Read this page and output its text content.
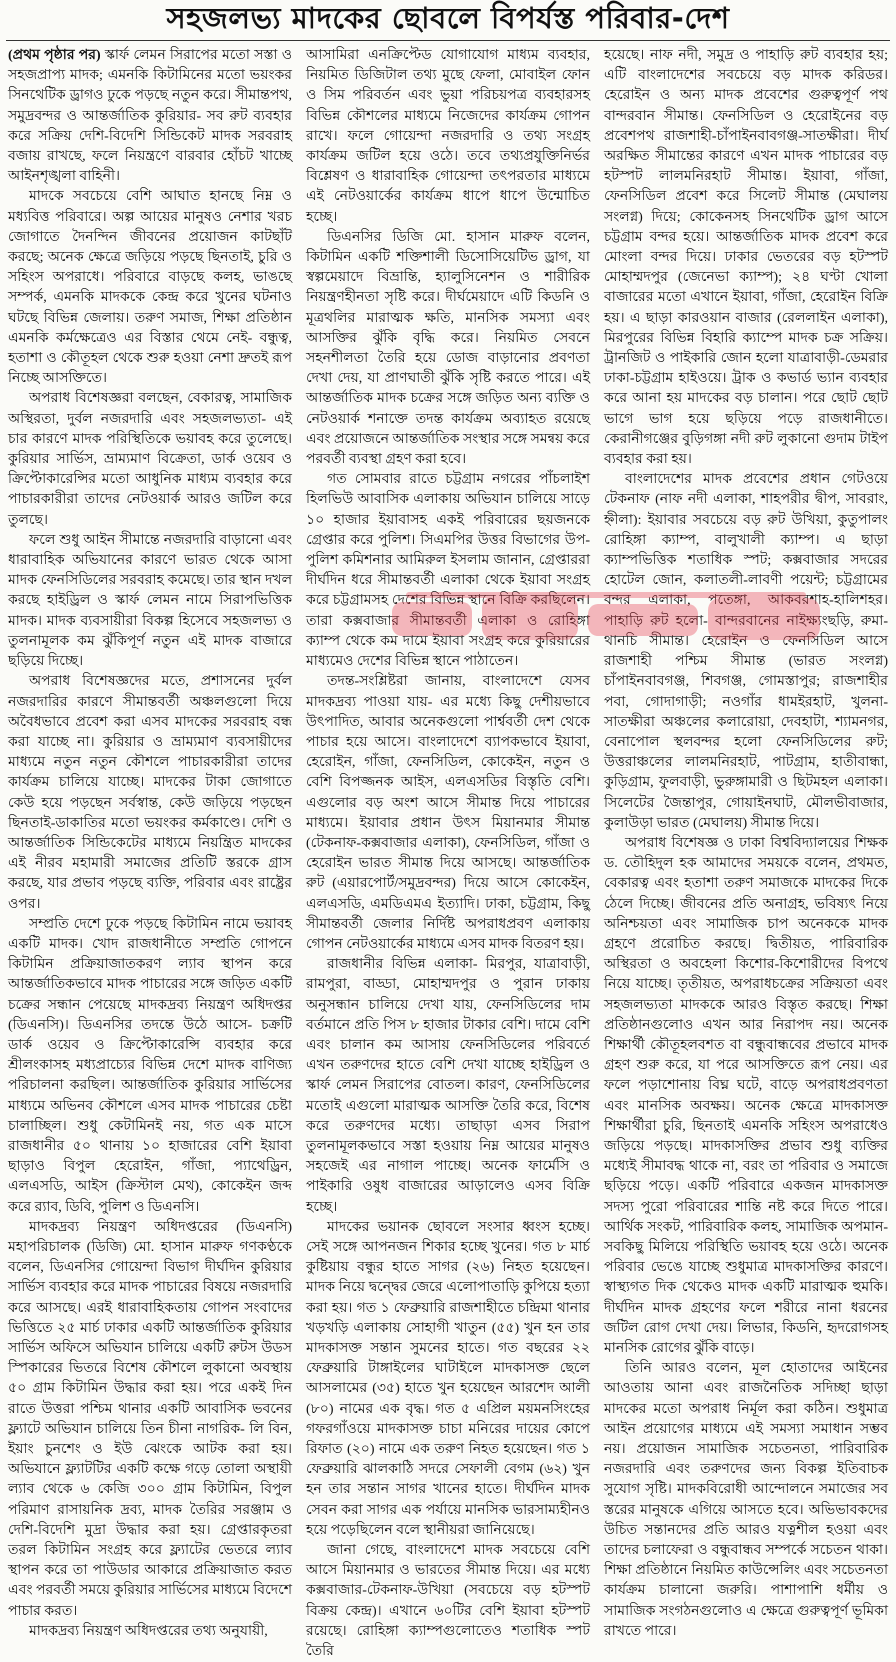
সহজলভ্য মাদকের ছোবলে বিপর্যস্ত পরিবার-দেশ

(প্রথম পৃষ্ঠার পর) স্কার্ফ লেমন সিরাপের মতো সস্তা ও সহজপ্রাপ্য মাদক; এমনকি কিটামিনের মতো ভয়ংকর সিনথেটিক ড্রাগও ঢুকে পড়ছে নতুন করে। সীমান্তপথ, সমুদ্রবন্দর ও আন্তর্জাতিক কুরিয়ার- সব রুট ব্যবহার করে সক্রিয় দেশি-বিদেশি সিন্ডিকেট মাদক সরবরাহ বজায় রাখছে, ফলে নিয়ন্ত্রণে বারবার হোঁচট খাচ্ছে আইনশৃঙ্খলা বাহিনী।

মাদকে সবচেয়ে বেশি আঘাত হানছে নিম্ন ও মধ্যবিত্ত পরিবারে। অল্প আয়ের মানুষও নেশার খরচ জোগাতে দৈনন্দিন জীবনের প্রয়োজন কাটছাঁট করছে; অনেক ক্ষেত্রে জড়িয়ে পড়ছে ছিনতাই, চুরি ও সহিংস অপরাধে। পরিবারে বাড়ছে কলহ, ভাঙছে সম্পর্ক, এমনকি মাদককে কেন্দ্র করে খুনের ঘটনাও ঘটছে বিভিন্ন জেলায়। তরুণ সমাজ, শিক্ষা প্রতিষ্ঠান এমনকি কর্মক্ষেত্রেও এর বিস্তার থেমে নেই- বন্ধুত্ব, হতাশা ও কৌতূহল থেকে শুরু হওয়া নেশা দ্রুতই রূপ নিচ্ছে আসক্তিতে।

অপরাধ বিশেষজ্ঞরা বলছেন, বেকারত্ব, সামাজিক অস্থিরতা, দুর্বল নজরদারি এবং সহজলভ্যতা- এই চার কারণে মাদক পরিস্থিতিকে ভয়াবহ করে তুলেছে। কুরিয়ার সার্ভিস, ভ্রাম্যমাণ বিক্রেতা, ডার্ক ওয়েব ও ক্রিপ্টোকারেন্সির মতো আধুনিক মাধ্যম ব্যবহার করে পাচারকারীরা তাদের নেটওয়ার্ক আরও জটিল করে তুলছে।

ফলে শুধু আইন সীমান্তে নজরদারি বাড়ানো এবং ধারাবাহিক অভিযানের কারণে ভারত থেকে আসা মাদক ফেনসিডিলের সরবরাহ কমেছে। তার স্থান দখল করছে হাইড্রিল ও স্কার্ফ লেমন নামে সিরাপভিত্তিক মাদক। মাদক ব্যবসায়ীরা বিকল্প হিসেবে সহজলভ্য ও তুলনামূলক কম ঝুঁকিপূর্ণ নতুন এই মাদক বাজারে ছড়িয়ে দিচ্ছে।

অপরাধ বিশেষজ্ঞদের মতে, প্রশাসনের দুর্বল নজরদারির কারণে সীমান্তবর্তী অঞ্চলগুলো দিয়ে অবৈধভাবে প্রবেশ করা এসব মাদকের সরবরাহ বন্ধ করা যাচ্ছে না। কুরিয়ার ও ভ্রাম্যমাণ ব্যবসায়ীদের মাধ্যমে নতুন নতুন কৌশলে পাচারকারীরা তাদের কার্যক্রম চালিয়ে যাচ্ছে। মাদকের টাকা জোগাতে কেউ হয়ে পড়ছেন সর্বস্বান্ত, কেউ জড়িয়ে পড়ছেন ছিনতাই-ডাকাতির মতো ভয়ংকর কর্মকাণ্ডে। দেশি ও আন্তর্জাতিক সিন্ডিকেটের মাধ্যমে নিয়ন্ত্রিত মাদকের এই নীরব মহামারী সমাজের প্রতিটি স্তরকে গ্রাস করছে, যার প্রভাব পড়ছে ব্যক্তি, পরিবার এবং রাষ্ট্রের ওপর।

সম্প্রতি দেশে ঢুকে পড়ছে কিটামিন নামে ভয়াবহ একটি মাদক। খোদ রাজধানীতে সম্প্রতি গোপনে কিটামিন প্রক্রিয়াজাতকরণ ল্যাব স্থাপন করে আন্তর্জাতিকভাবে মাদক পাচারের সঙ্গে জড়িত একটি চক্রের সন্ধান পেয়েছে মাদকদ্রব্য নিয়ন্ত্রণ অধিদপ্তর (ডিএনসি)। ডিএনসির তদন্তে উঠে আসে- চক্রটি ডার্ক ওয়েব ও ক্রিপ্টোকারেন্সি ব্যবহার করে শ্রীলংকাসহ মধ্যপ্রাচ্যের বিভিন্ন দেশে মাদক বাণিজ্য পরিচালনা করছিল। আন্তর্জাতিক কুরিয়ার সার্ভিসের মাধ্যমে অভিনব কৌশলে এসব মাদক পাচারের চেষ্টা চালাচ্ছিল। শুধু কেটামিনই নয়, গত এক মাসে রাজধানীর ৫০ থানায় ১০ হাজারের বেশি ইয়াবা ছাড়াও বিপুল হেরোইন, গাঁজা, প্যাথেড্রিন, এলএসডি, আইস (ক্রিস্টাল মেথ), কোকেইন জব্দ করে র‌্যাব, ডিবি, পুলিশ ও ডিএনসি।

মাদকদ্রব্য নিয়ন্ত্রণ অধিদপ্তরের (ডিএনসি) মহাপরিচালক (ডিজি) মো. হাসান মারুফ গণকণ্ঠকে বলেন, ডিএনসির গোয়েন্দা বিভাগ দীর্ঘদিন কুরিয়ার সার্ভিস ব্যবহার করে মাদক পাচারের বিষয়ে নজরদারি করে আসছে। এরই ধারাবাহিকতায় গোপন সংবাদের ভিত্তিতে ২৫ মার্চ ঢাকার একটি আন্তর্জাতিক কুরিয়ার সার্ভিস অফিসে অভিযান চালিয়ে একটি রুটস উডস স্পিকারের ভিতরে বিশেষ কৌশলে লুকানো অবস্থায় ৫০ গ্রাম কিটামিন উদ্ধার করা হয়। পরে একই দিন রাতে উত্তরা পশ্চিম থানার একটি আবাসিক ভবনের ফ্ল্যাটে অভিযান চালিয়ে তিন চীনা নাগরিক- লি বিন, ইয়াং চুনশেং ও ইউ ঝেংকে আটক করা হয়। অভিযানে ফ্ল্যাটটির একটি কক্ষে গড়ে তোলা অস্থায়ী ল্যাব থেকে ৬ কেজি ৩০০ গ্রাম কিটামিন, বিপুল পরিমাণ রাসায়নিক দ্রব্য, মাদক তৈরির সরঞ্জাম ও দেশি-বিদেশি মুদ্রা উদ্ধার করা হয়। গ্রেপ্তারকৃতরা তরল কিটামিন সংগ্রহ করে ফ্ল্যাটের ভেতরে ল্যাব স্থাপন করে তা পাউডার আকারে প্রক্রিয়াজাত করত এবং পরবর্তী সময়ে কুরিয়ার সার্ভিসের মাধ্যমে বিদেশে পাচার করত।

মাদকদ্রব্য নিয়ন্ত্রণ অধিদপ্তরের তথ্য অনুযায়ী,

আসামিরা এনক্রিপ্টেড যোগাযোগ মাধ্যম ব্যবহার, নিয়মিত ডিজিটাল তথ্য মুছে ফেলা, মোবাইল ফোন ও সিম পরিবর্তন এবং ভুয়া পরিচয়পত্র ব্যবহারসহ বিভিন্ন কৌশলের মাধ্যমে নিজেদের কার্যক্রম গোপন রাখে। ফলে গোয়েন্দা নজরদারি ও তথ্য সংগ্রহ কার্যক্রম জটিল হয়ে ওঠে। তবে তথ্যপ্রযুক্তিনির্ভর বিশ্লেষণ ও ধারাবাহিক গোয়েন্দা তৎপরতার মাধ্যমে এই নেটওয়ার্কের কার্যক্রম ধাপে ধাপে উন্মোচিত হচ্ছে।

ডিএনসির ডিজি মো. হাসান মারুফ বলেন, কিটামিন একটি শক্তিশালী ডিসোসিয়েটিভ ড্রাগ, যা স্বল্পমেয়াদে বিভ্রান্তি, হ্যালুসিনেশন ও শারীরিক নিয়ন্ত্রণহীনতা সৃষ্টি করে। দীর্ঘমেয়াদে এটি কিডনি ও মূত্রথলির মারাত্মক ক্ষতি, মানসিক সমস্যা এবং আসক্তির ঝুঁকি বৃদ্ধি করে। নিয়মিত সেবনে সহনশীলতা তৈরি হয়ে ডোজ বাড়ানোর প্রবণতা দেখা দেয়, যা প্রাণঘাতী ঝুঁকি সৃষ্টি করতে পারে। এই আন্তর্জাতিক মাদক চক্রের সঙ্গে জড়িত অন্য ব্যক্তি ও নেটওয়ার্ক শনাক্তে তদন্ত কার্যক্রম অব্যাহত রয়েছে এবং প্রয়োজনে আন্তর্জাতিক সংস্থার সঙ্গে সমন্বয় করে পরবর্তী ব্যবস্থা গ্রহণ করা হবে।

গত সোমবার রাতে চট্টগ্রাম নগরের পাঁচলাইশ হিলভিউ আবাসিক এলাকায় অভিযান চালিয়ে সাড়ে ১০ হাজার ইয়াবাসহ একই পরিবারের ছয়জনকে গ্রেপ্তার করে পুলিশ। সিএমপির উত্তর বিভাগের উপ-পুলিশ কমিশনার আমিরুল ইসলাম জানান, গ্রেপ্তাররা দীর্ঘদিন ধরে সীমান্তবর্তী এলাকা থেকে ইয়াবা সংগ্রহ করে চট্টগ্রামসহ দেশের বিভিন্ন স্থানে বিক্রি করছিলেন। তারা কক্সবাজার সীমান্তবর্তী এলাকা ও রোহিঙ্গা ক্যাম্প থেকে কম দামে ইয়াবা সংগ্রহ করে কুরিয়ারের মাধ্যমেও দেশের বিভিন্ন স্থানে পাঠাতেন।

তদন্ত-সংশ্লিষ্টরা জানায়, বাংলাদেশে যেসব মাদকদ্রব্য পাওয়া যায়- এর মধ্যে কিছু দেশীয়ভাবে উৎপাদিত, আবার অনেকগুলো পার্শ্ববর্তী দেশ থেকে পাচার হয়ে আসে। বাংলাদেশে ব্যাপকভাবে ইয়াবা, হেরোইন, গাঁজা, ফেনসিডিল, কোকেইন, নতুন ও বেশি বিপজ্জনক আইস, এলএসডির বিস্তৃতি বেশি। এগুলোর বড় অংশ আসে সীমান্ত দিয়ে পাচারের মাধ্যমে। ইয়াবার প্রধান উৎস মিয়ানমার সীমান্ত (টেকনাফ-কক্সবাজার এলাকা), ফেনসিডিল, গাঁজা ও হেরোইন ভারত সীমান্ত দিয়ে আসছে। আন্তর্জাতিক রুট (এয়ারপোর্ট/সমুদ্রবন্দর) দিয়ে আসে কোকেইন, এলএসডি, এমডিএমএ ইত্যাদি। ঢাকা, চট্টগ্রাম, কিছু সীমান্তবর্তী জেলার নির্দিষ্ট অপরাধপ্রবণ এলাকায় গোপন নেটওয়ার্কের মাধ্যমে এসব মাদক বিতরণ হয়।

রাজধানীর বিভিন্ন এলাকা- মিরপুর, যাত্রাবাড়ী, রামপুরা, বাড্ডা, মোহাম্মদপুর ও পুরান ঢাকায় অনুসন্ধান চালিয়ে দেখা যায়, ফেনসিডিলের দাম বর্তমানে প্রতি পিস ৮ হাজার টাকার বেশি। দামে বেশি এবং চালান কম আসায় ফেনসিডিলের পরিবর্তে এখন তরুণদের হাতে বেশি দেখা যাচ্ছে হাইড্রিল ও স্কার্ফ লেমন সিরাপের বোতল। কারণ, ফেনসিডিলের মতোই এগুলো মারাত্মক আসক্তি তৈরি করে, বিশেষ করে তরুণদের মধ্যে। তাছাড়া এসব সিরাপ তুলনামূলকভাবে সস্তা হওয়ায় নিম্ন আয়ের মানুষও সহজেই এর নাগাল পাচ্ছে। অনেক ফার্মেসি ও পাইকারি ওষুধ বাজারের আড়ালেও এসব বিক্রি হচ্ছে।

মাদকের ভয়ানক ছোবলে সংসার ধ্বংস হচ্ছে। সেই সঙ্গে আপনজন শিকার হচ্ছে খুনের। গত ৮ মার্চ কুষ্টিয়ায় বন্ধুর হাতে সাগর (২৬) নিহত হয়েছেন। মাদক নিয়ে দ্বন্দ্বের জেরে এলোপাতাড়ি কুপিয়ে হত্যা করা হয়। গত ১ ফেব্রুয়ারি রাজশাহীতে চন্দ্রিমা থানার খড়খড়ি এলাকায় সোহাগী খাতুন (৫৫) খুন হন তার মাদকাসক্ত সন্তান সুমনের হাতে। গত বছরের ২২ ফেব্রুয়ারি টাঙ্গাইলের ঘাটাইলে মাদকাসক্ত ছেলে আসলামের (৩৫) হাতে খুন হয়েছেন আরশেদ আলী (৮০) নামের এক বৃদ্ধ। গত ৫ এপ্রিল ময়মনসিংহের গফরগাঁওয়ে মাদকাসক্ত চাচা মনিরের দায়ের কোপে রিফাত (২০) নামে এক তরুণ নিহত হয়েছেন। গত ১ ফেব্রুয়ারি ঝালকাঠি সদরে সেফালী বেগম (৬২) খুন হন তার সন্তান সাগর খানের হাতে। দীর্ঘদিন মাদক সেবন করা সাগর এক পর্যায়ে মানসিক ভারসাম্যহীনও হয়ে পড়েছিলেন বলে স্থানীয়রা জানিয়েছে।

জানা গেছে, বাংলাদেশে মাদক সবচেয়ে বেশি আসে মিয়ানমার ও ভারতের সীমান্ত দিয়ে। এর মধ্যে কক্সবাজার-টেকনাফ-উখিয়া (সবচেয়ে বড় হটস্পট বিক্রয় কেন্দ্র)। এখানে ৬০টির বেশি ইয়াবা হটস্পট রয়েছে। রোহিঙ্গা ক্যাম্পগুলোতেও শতাধিক স্পট তৈরি

হয়েছে। নাফ নদী, সমুদ্র ও পাহাড়ি রুট ব্যবহার হয়; এটি বাংলাদেশের সবচেয়ে বড় মাদক করিডর। হেরোইন ও অন্য মাদক প্রবেশের গুরুত্বপূর্ণ পথ বান্দরবান সীমান্ত। ফেনসিডিল ও হেরোইনের বড় প্রবেশপথ রাজশাহী-চাঁপাইনবাবগঞ্জ-সাতক্ষীরা। দীর্ঘ অরক্ষিত সীমান্তের কারণে এখন মাদক পাচারের বড় হটস্পট লালমনিরহাট সীমান্ত। ইয়াবা, গাঁজা, ফেনসিডিল প্রবেশ করে সিলেট সীমান্ত (মেঘালয় সংলগ্ন) দিয়ে; কোকেনসহ সিনথেটিক ড্রাগ আসে চট্টগ্রাম বন্দর হয়ে। আন্তর্জাতিক মাদক প্রবেশ করে মোংলা বন্দর দিয়ে। ঢাকার ভেতরের বড় হটস্পট মোহাম্মদপুর (জেনেভা ক্যাম্প); ২৪ ঘণ্টা খোলা বাজারের মতো এখানে ইয়াবা, গাঁজা, হেরোইন বিক্রি হয়। এ ছাড়া কারওয়ান বাজার (রেললাইন এলাকা), মিরপুরের বিভিন্ন বিহারি ক্যাম্পে মাদক চক্র সক্রিয়। ট্রানজিট ও পাইকারি জোন হলো যাত্রাবাড়ী-ডেমরার ঢাকা-চট্টগ্রাম হাইওয়ে। ট্রাক ও কভার্ড ভ্যান ব্যবহার করে আনা হয় মাদকের বড় চালান। পরে ছোট ছোট ভাগে ভাগ হয়ে ছড়িয়ে পড়ে রাজধানীতে। কেরানীগঞ্জের বুড়িগঙ্গা নদী রুট লুকানো গুদাম টাইপ ব্যবহার করা হয়।

বাংলাদেশের মাদক প্রবেশের প্রধান গেটওয়ে টেকনাফ (নাফ নদী এলাকা, শাহপরীর দ্বীপ, সাবরাং, হ্নীলা): ইয়াবার সবচেয়ে বড় রুট উখিয়া, কুতুপালং রোহিঙ্গা ক্যাম্প, বালুখালী ক্যাম্প। এ ছাড়া ক্যাম্পভিত্তিক শতাধিক স্পট; কক্সবাজার সদরের হোটেল জোন, কলাতলী-লাবণী পয়েন্ট; চট্টগ্রামের বন্দর এলাকা, পতেঙ্গা, আকবরশাহ-হালিশহর। পাহাড়ি রুট হলো- বান্দরবানের নাইক্ষ্যংছড়ি, রুমা-থানচি সীমান্ত। হেরোইন ও ফেনসিডিল আসে রাজশাহী পশ্চিম সীমান্ত (ভারত সংলগ্ন) চাঁপাইনবাবগঞ্জ, শিবগঞ্জ, গোমস্তাপুর; রাজশাহীর পবা, গোদাগাড়ী; নওগাঁর ধামইরহাট, খুলনা-সাতক্ষীরা অঞ্চলের কলারোয়া, দেবহাটা, শ্যামনগর, বেনাপোল স্থলবন্দর হলো ফেনসিডিলের রুট; উত্তরাঞ্চলের লালমনিরহাট, পাটগ্রাম, হাতীবান্ধা, কুড়িগ্রাম, ফুলবাড়ী, ভুরুঙ্গামারী ও ছিটমহল এলাকা। সিলেটের জৈন্তাপুর, গোয়াইনঘাট, মৌলভীবাজার, কুলাউড়া ভারত (মেঘালয়) সীমান্ত দিয়ে।

অপরাধ বিশেষজ্ঞ ও ঢাকা বিশ্ববিদ্যালয়ের শিক্ষক ড. তৌহিদুল হক আমাদের সময়কে বলেন, প্রথমত, বেকারত্ব এবং হতাশা তরুণ সমাজকে মাদকের দিকে ঠেলে দিচ্ছে। জীবনের প্রতি অনাগ্রহ, ভবিষ্যৎ নিয়ে অনিশ্চয়তা এবং সামাজিক চাপ অনেককে মাদক গ্রহণে প্ররোচিত করছে। দ্বিতীয়ত, পারিবারিক অস্থিরতা ও অবহেলা কিশোর-কিশোরীদের বিপথে নিয়ে যাচ্ছে। তৃতীয়ত, অপরাধচক্রের সক্রিয়তা এবং সহজলভ্যতা মাদককে আরও বিস্তৃত করছে। শিক্ষা প্রতিষ্ঠানগুলোও এখন আর নিরাপদ নয়। অনেক শিক্ষার্থী কৌতূহলবশত বা বন্ধুবান্ধবের প্রভাবে মাদক গ্রহণ শুরু করে, যা পরে আসক্তিতে রূপ নেয়। এর ফলে পড়াশোনায় বিঘ্ন ঘটে, বাড়ে অপরাধপ্রবণতা এবং মানসিক অবক্ষয়। অনেক ক্ষেত্রে মাদকাসক্ত শিক্ষার্থীরা চুরি, ছিনতাই এমনকি সহিংস অপরাধেও জড়িয়ে পড়ছে। মাদকাসক্তির প্রভাব শুধু ব্যক্তির মধ্যেই সীমাবদ্ধ থাকে না, বরং তা পরিবার ও সমাজে ছড়িয়ে পড়ে। একটি পরিবারে একজন মাদকাসক্ত সদস্য পুরো পরিবারের শান্তি নষ্ট করে দিতে পারে। আর্থিক সংকট, পারিবারিক কলহ, সামাজিক অপমান- সবকিছু মিলিয়ে পরিস্থিতি ভয়াবহ হয়ে ওঠে। অনেক পরিবার ভেঙে যাচ্ছে শুধুমাত্র মাদকাসক্তির কারণে। স্বাস্থ্যগত দিক থেকেও মাদক একটি মারাত্মক হুমকি। দীর্ঘদিন মাদক গ্রহণের ফলে শরীরে নানা ধরনের জটিল রোগ দেখা দেয়। লিভার, কিডনি, হৃদরোগসহ মানসিক রোগের ঝুঁকি বাড়ে।

তিনি আরও বলেন, মূল হোতাদের আইনের আওতায় আনা এবং রাজনৈতিক সদিচ্ছা ছাড়া মাদকের মতো অপরাধ নির্মূল করা কঠিন। শুধুমাত্র আইন প্রয়োগের মাধ্যমে এই সমস্যা সমাধান সম্ভব নয়। প্রয়োজন সামাজিক সচেতনতা, পারিবারিক নজরদারি এবং তরুণদের জন্য বিকল্প ইতিবাচক সুযোগ সৃষ্টি। মাদকবিরোধী আন্দোলনে সমাজের সব স্তরের মানুষকে এগিয়ে আসতে হবে। অভিভাবকদের উচিত সন্তানদের প্রতি আরও যত্নশীল হওয়া এবং তাদের চলাফেরা ও বন্ধুবান্ধব সম্পর্কে সচেতন থাকা। শিক্ষা প্রতিষ্ঠানে নিয়মিত কাউন্সেলিং এবং সচেতনতা কার্যক্রম চালানো জরুরি। পাশাপাশি ধর্মীয় ও সামাজিক সংগঠনগুলোও এ ক্ষেত্রে গুরুত্বপূর্ণ ভূমিকা রাখতে পারে।
